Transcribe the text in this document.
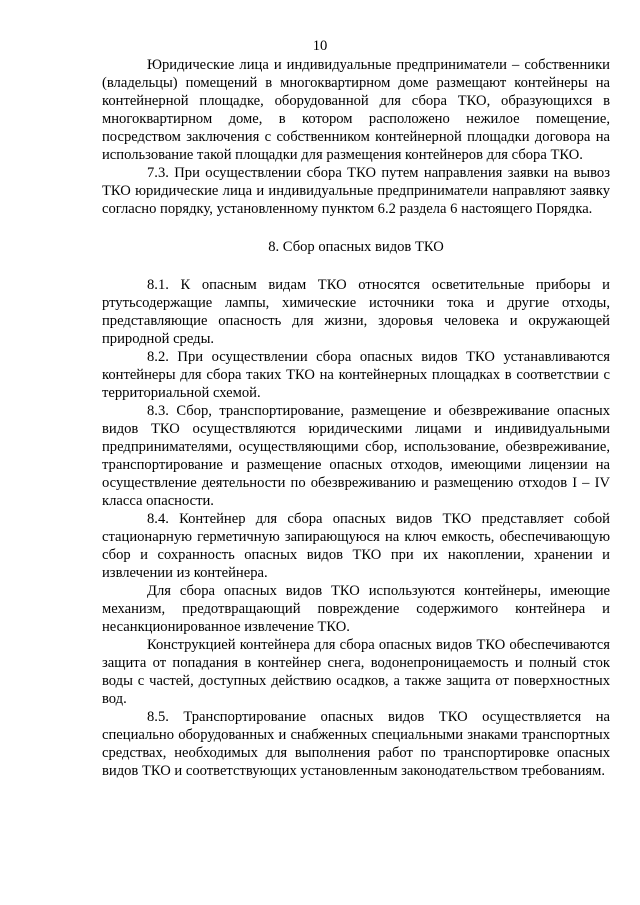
10

Юридические лица и индивидуальные предприниматели – собственники (владельцы) помещений в многоквартирном доме размещают контейнеры на контейнерной площадке, оборудованной для сбора ТКО, образующихся в многоквартирном доме, в котором расположено нежилое помещение, посредством заключения с собственником контейнерной площадки договора на использование такой площадки для размещения контейнеров для сбора ТКО.

7.3. При осуществлении сбора ТКО путем направления заявки на вывоз ТКО юридические лица и индивидуальные предприниматели направляют заявку согласно порядку, установленному пунктом 6.2 раздела 6 настоящего Порядка.

8. Сбор опасных видов ТКО

8.1. К опасным видам ТКО относятся осветительные приборы и ртутьсодержащие лампы, химические источники тока и другие отходы, представляющие опасность для жизни, здоровья человека и окружающей природной среды.

8.2. При осуществлении сбора опасных видов ТКО устанавливаются контейнеры для сбора таких ТКО на контейнерных площадках в соответствии с территориальной схемой.

8.3. Сбор, транспортирование, размещение и обезвреживание опасных видов ТКО осуществляются юридическими лицами и индивидуальными предпринимателями, осуществляющими сбор, использование, обезвреживание, транспортирование и размещение опасных отходов, имеющими лицензии на осуществление деятельности по обезвреживанию и размещению отходов I – IV класса опасности.

8.4. Контейнер для сбора опасных видов ТКО представляет собой стационарную герметичную запирающуюся на ключ емкость, обеспечивающую сбор и сохранность опасных видов ТКО при их накоплении, хранении и извлечении из контейнера.

Для сбора опасных видов ТКО используются контейнеры, имеющие механизм, предотвращающий повреждение содержимого контейнера и несанкционированное извлечение ТКО.

Конструкцией контейнера для сбора опасных видов ТКО обеспечиваются защита от попадания в контейнер снега, водонепроницаемость и полный сток воды с частей, доступных действию осадков, а также защита от поверхностных вод.

8.5. Транспортирование опасных видов ТКО осуществляется на специально оборудованных и снабженных специальными знаками транспортных средствах, необходимых для выполнения работ по транспортировке опасных видов ТКО и соответствующих установленным законодательством требованиям.
